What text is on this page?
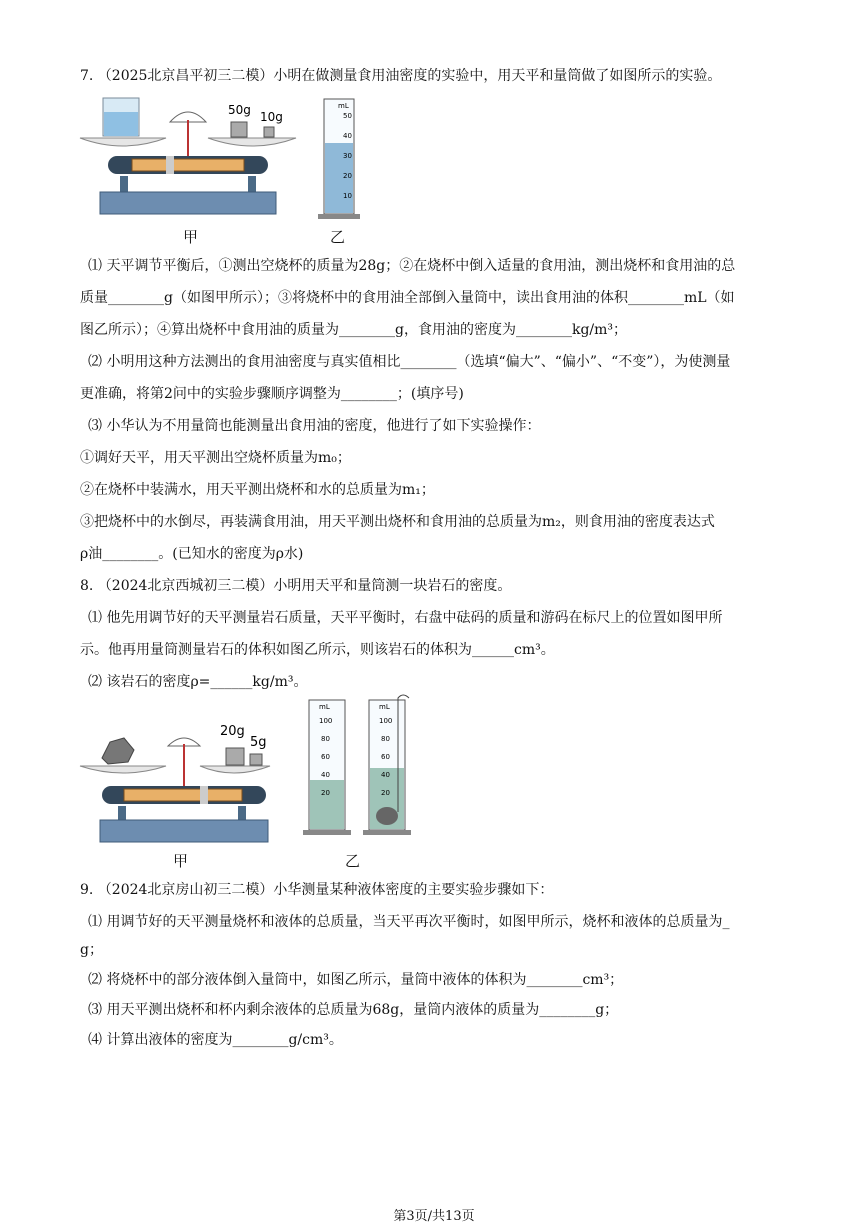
7. （2025北京昌平初三二模）小明在做测量食用油密度的实验中，用天平和量筒做了如图所示的实验。
50g 10g
甲
mL
50
40
30
20
10
乙
⑴ 天平调节平衡后，①测出空烧杯的质量为28g；②在烧杯中倒入适量的食用油，测出烧杯和食用油的总
质量________g（如图甲所示）；③将烧杯中的食用油全部倒入量筒中，读出食用油的体积________mL（如
图乙所示）；④算出烧杯中食用油的质量为________g，食用油的密度为________kg/m³；
⑵ 小明用这种方法测出的食用油密度与真实值相比________（选填“偏大”、“偏小”、“不变”），为使测量
更准确，将第2问中的实验步骤顺序调整为________；(填序号)
⑶ 小华认为不用量筒也能测量出食用油的密度，他进行了如下实验操作：
①调好天平，用天平测出空烧杯质量为m₀；
②在烧杯中装满水，用天平测出烧杯和水的总质量为m₁；
③把烧杯中的水倒尽，再装满食用油，用天平测出烧杯和食用油的总质量为m₂，则食用油的密度表达式
ρ油________。(已知水的密度为ρ水)
8. （2024北京西城初三二模）小明用天平和量筒测一块岩石的密度。
⑴ 他先用调节好的天平测量岩石质量，天平平衡时，右盘中砝码的质量和游码在标尺上的位置如图甲所
示。他再用量筒测量岩石的体积如图乙所示，则该岩石的体积为______cm³。
⑵ 该岩石的密度ρ=______kg/m³。
20g
5g
甲
mL
100
80
60
40
20
mL
100
80
60
40
20
乙
9. （2024北京房山初三二模）小华测量某种液体密度的主要实验步骤如下：
⑴ 用调节好的天平测量烧杯和液体的总质量，当天平再次平衡时，如图甲所示，烧杯和液体的总质量为_
g；
⑵ 将烧杯中的部分液体倒入量筒中，如图乙所示，量筒中液体的体积为________cm³；
⑶ 用天平测出烧杯和杯内剩余液体的总质量为68g，量筒内液体的质量为________g；
⑷ 计算出液体的密度为________g/cm³。
第3页/共13页
